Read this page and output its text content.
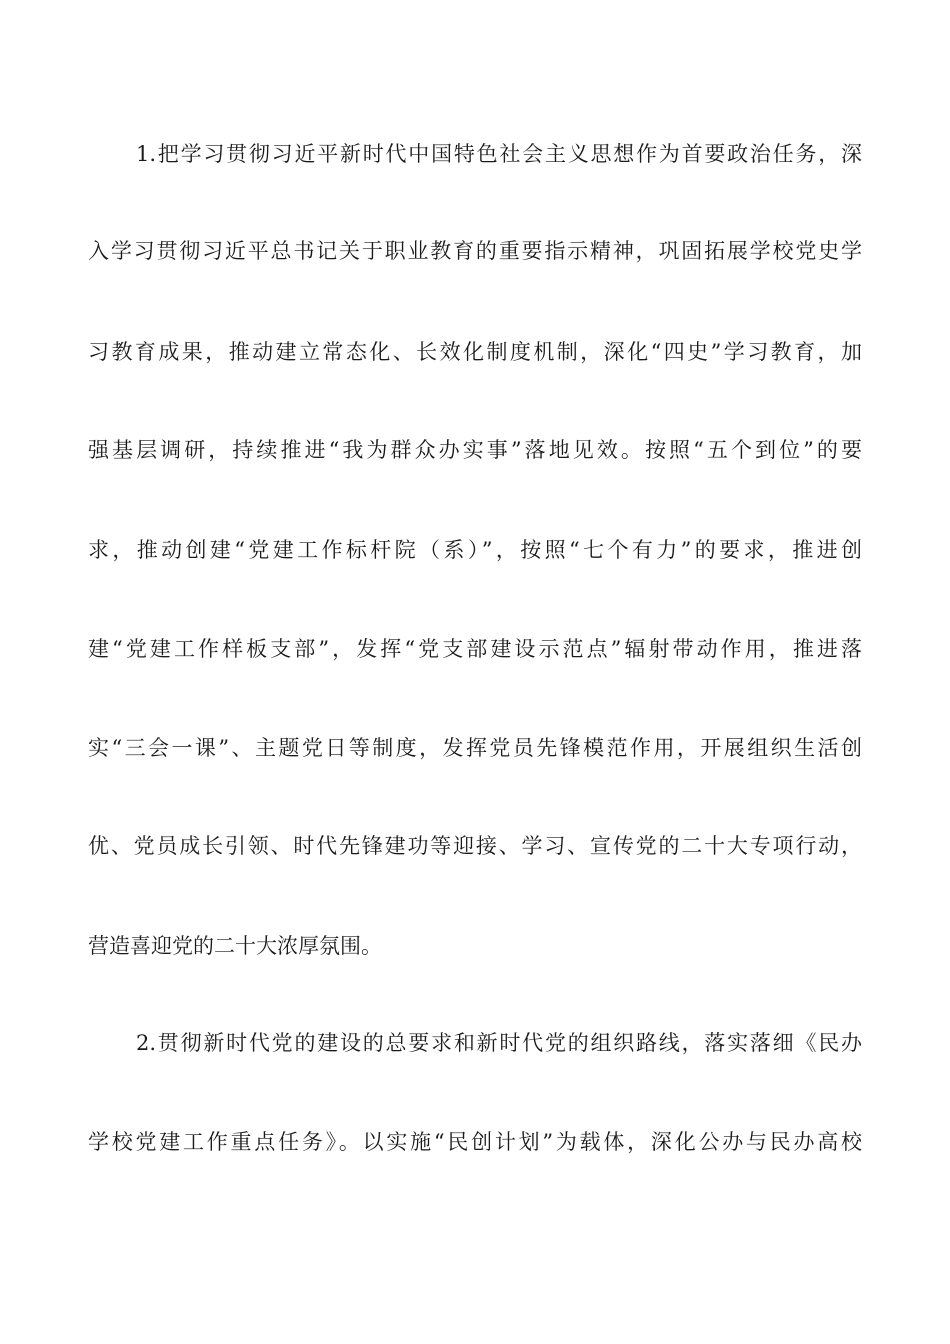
1.把学习贯彻习近平新时代中国特色社会主义思想作为首要政治任务，深
入学习贯彻习近平总书记关于职业教育的重要指示精神，巩固拓展学校党史学
习教育成果，推动建立常态化、长效化制度机制，深化“四史”学习教育，加
强基层调研，持续推进“我为群众办实事”落地见效。按照“五个到位”的要
求，推动创建“党建工作标杆院（系）”，按照“七个有力”的要求，推进创
建“党建工作样板支部”，发挥“党支部建设示范点”辐射带动作用，推进落
实“三会一课”、主题党日等制度，发挥党员先锋模范作用，开展组织生活创
优、党员成长引领、时代先锋建功等迎接、学习、宣传党的二十大专项行动，
营造喜迎党的二十大浓厚氛围。
2.贯彻新时代党的建设的总要求和新时代党的组织路线，落实落细《民办
学校党建工作重点任务》。以实施“民创计划”为载体，深化公办与民办高校
